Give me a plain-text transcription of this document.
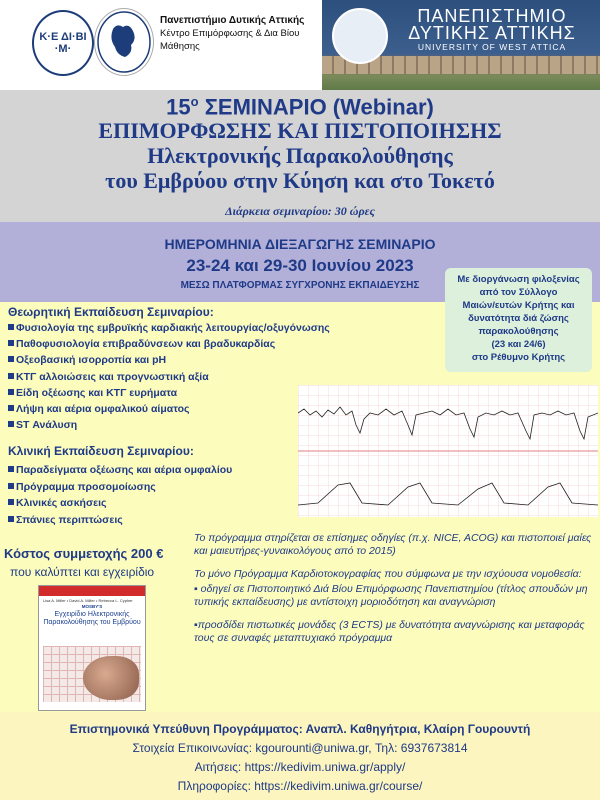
Κ·Ε ΔΙ·ΒΙ ·Μ·
Πανεπιστήμιο Δυτικής Αττικής
Κέντρο Επιμόρφωσης & Δια Βίου Μάθησης
ΠΑΝΕΠΙΣΤΗΜΙΟ
ΔΥΤΙΚΗΣ ΑΤΤΙΚΗΣ
UNIVERSITY OF WEST ATTICA
$15^o$ ΣΕΜΙΝΑΡΙΟ (Webinar)
ΕΠΙΜΟΡΦΩΣΗΣ ΚΑΙ ΠΙΣΤΟΠΟΙΗΣΗΣ
Ηλεκτρονικής Παρακολούθησης
του Εμβρύου στην Κύηση και στο Τοκετό
Διάρκεια σεμιναρίου: 30 ώρες
ΗΜΕΡΟΜΗΝΙΑ ΔΙΕΞΑΓΩΓΗΣ ΣΕΜΙΝΑΡΙΟ
23-24 και 29-30 Ιουνίου 2023
ΜΕΣΩ ΠΛΑΤΦΟΡΜΑΣ ΣΥΓΧΡΟΝΗΣ ΕΚΠΑΙΔΕΥΣΗΣ
Με διοργάνωση φιλοξενίας
από τον Σύλλογο
Μαιών/ευτών Κρήτης και
δυνατότητα διά ζώσης
παρακολούθησης
(23 και 24/6)
στο Ρέθυμνο Κρήτης
Θεωρητική Εκπαίδευση Σεμιναρίου:
Φυσιολογία της εμβρυϊκής καρδιακής λειτουργίας/οξυγόνωσης
Παθοφυσιολογία επιβραδύνσεων και βραδυκαρδίας
Οξεοβασική ισορροπία και pH
ΚΤΓ αλλοιώσεις και προγνωστική αξία
Είδη οξέωσης και ΚΤΓ ευρήματα
Λήψη και αέρια ομφαλικού αίματος
ST Ανάλυση
Κλινική Εκπαίδευση Σεμιναρίου:
Παραδείγματα οξέωσης και αέρια ομφαλίου
Πρόγραμμα προσομοίωσης
Κλινικές ασκήσεις
Σπάνιες περιπτώσεις
Κόστος συμμετοχής 200 €
που καλύπτει και εγχειρίδιο
Lisa A. Miller • David A. Miller • Rebecca L. Cypher
MOSBY'S
Εγχειρίδιο Ηλεκτρονικής Παρακολούθησης του Εμβρύου

Το πρόγραμμα στηρίζεται σε επίσημες οδηγίες (π.χ. NICE, ACOG) και πιστοποιεί μαίες και μαιευτήρες-γυναικολόγους από το 2015)

Το μόνο Πρόγραμμα Καρδιοτοκογραφίας που σύμφωνα με την ισχύουσα νομοθεσία:

▪ οδηγεί σε Πιστοποιητικό Διά Βίου Επιμόρφωσης Πανεπιστημίου (τίτλος σπουδών μη τυπικής εκπαίδευσης) με αντίστοιχη μοριοδότηση και αναγνώριση

▪προσδίδει πιστωτικές μονάδες (3 ECTS) με δυνατότητα αναγνώρισης και μεταφοράς τους σε συναφές μεταπτυχιακό πρόγραμμα

Επιστημονικά Υπεύθυνη Προγράμματος: Αναπλ. Καθηγήτρια, Κλαίρη Γουρουντή
Στοιχεία Επικοινωνίας: kgourounti@uniwa.gr, Τηλ: 6937673814
Αιτήσεις: https://kedivim.uniwa.gr/apply/
Πληροφορίες: https://kedivim.uniwa.gr/course/
